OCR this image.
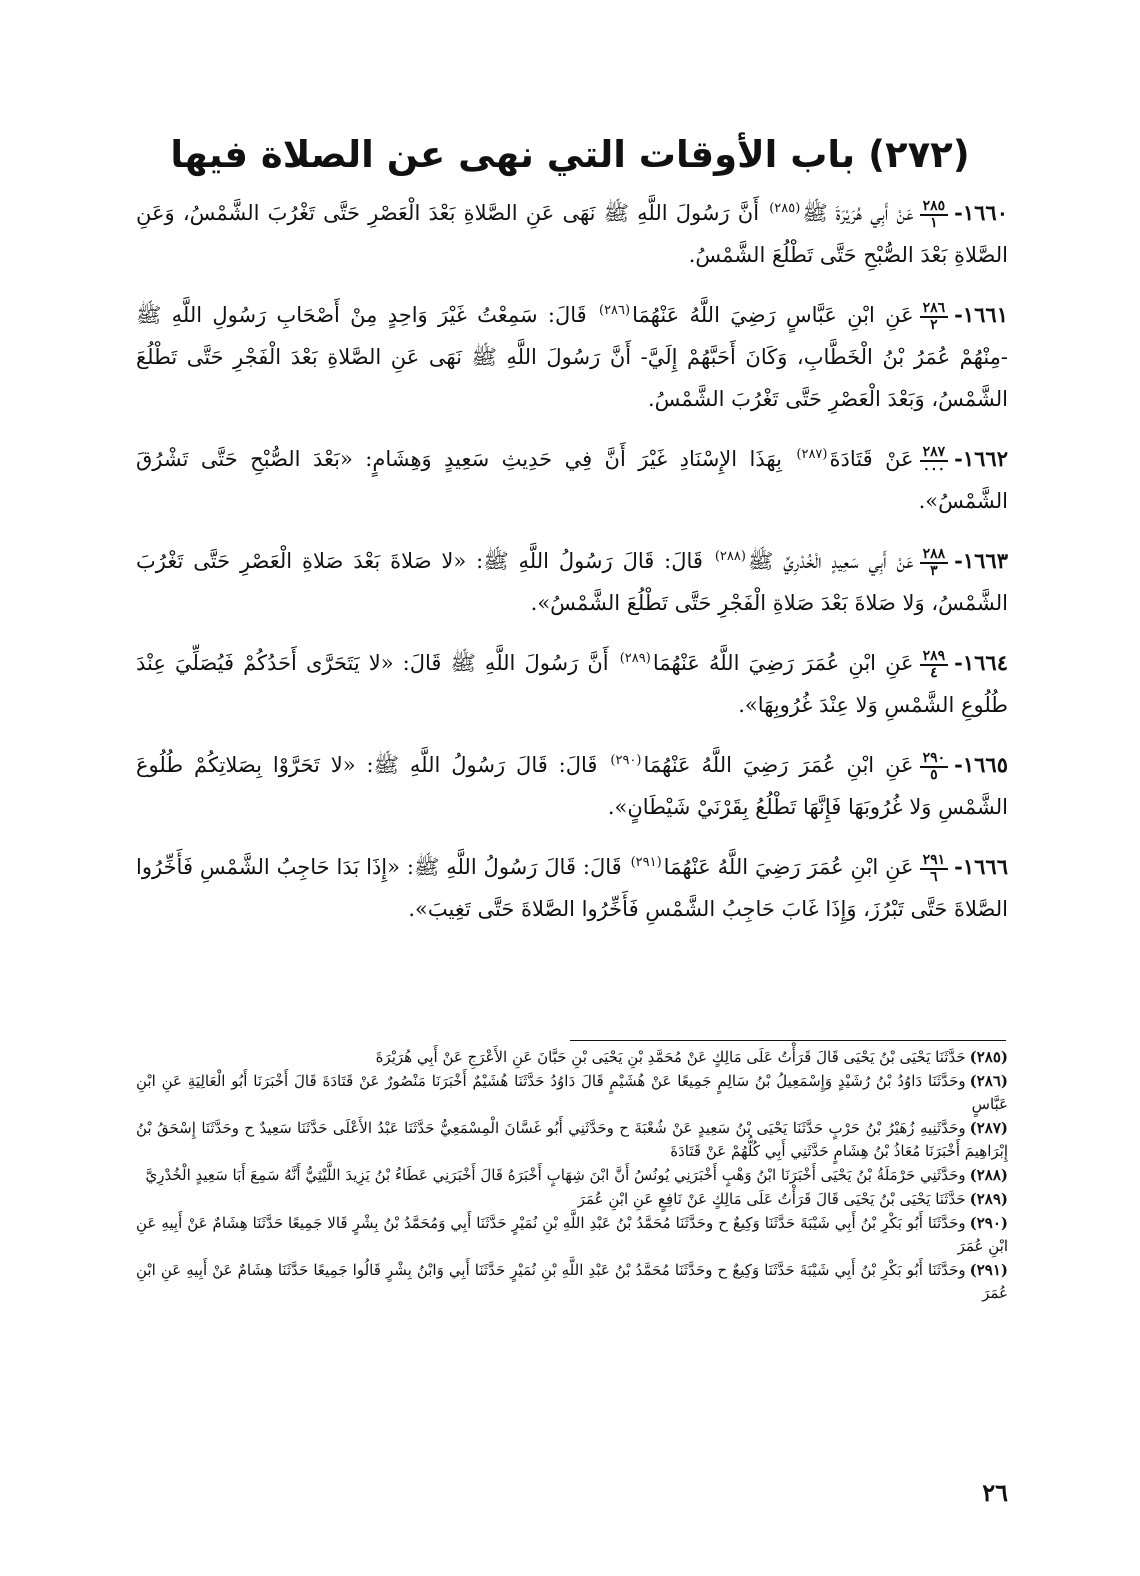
(٢٧٢) باب الأوقات التي نهى عن الصلاة فيها

١٦٦٠-
$\frac{٢٨٥}{١}$
عَنْ أَبِي هُرَيْرَةَ ﷺ$^{(٢٨٥)}$ أَنَّ رَسُولَ اللَّهِ ﷺ نَهَى عَنِ الصَّلاةِ بَعْدَ الْعَصْرِ حَتَّى تَغْرُبَ الشَّمْسُ، وَعَنِ الصَّلاةِ بَعْدَ الصُّبْحِ حَتَّى تَطْلُعَ الشَّمْسُ.

١٦٦١-
$\frac{٢٨٦}{٢}$
عَنِ ابْنِ عَبَّاسٍ رَضِيَ اللَّهُ عَنْهُمَا$^{(٢٨٦)}$ قَالَ: سَمِعْتُ غَيْرَ وَاحِدٍ مِنْ أَصْحَابِ رَسُولِ اللَّهِ ﷺ -مِنْهُمْ عُمَرُ بْنُ الْخَطَّابِ، وَكَانَ أَحَبَّهُمْ إِلَيَّ- أَنَّ رَسُولَ اللَّهِ ﷺ نَهَى عَنِ الصَّلاةِ بَعْدَ الْفَجْرِ حَتَّى تَطْلُعَ الشَّمْسُ، وَبَعْدَ الْعَصْرِ حَتَّى تَغْرُبَ الشَّمْسُ.

١٦٦٢-
$\frac{٢٨٧}{٠٠٠}$
عَنْ قَتَادَةَ$^{(٢٨٧)}$ بِهَذَا الإِسْنَادِ غَيْرَ أَنَّ فِي حَدِيثِ سَعِيدٍ وَهِشَامٍ: «بَعْدَ الصُّبْحِ حَتَّى تَشْرُقَ الشَّمْسُ».

١٦٦٣-
$\frac{٢٨٨}{٣}$
عَنْ أَبِي سَعِيدٍ الْخُدْرِيِّ ﷺ$^{(٢٨٨)}$ قَالَ: قَالَ رَسُولُ اللَّهِ ﷺ: «لا صَلاةَ بَعْدَ صَلاةِ الْعَصْرِ حَتَّى تَغْرُبَ الشَّمْسُ، وَلا صَلاةَ بَعْدَ صَلاةِ الْفَجْرِ حَتَّى تَطْلُعَ الشَّمْسُ».

١٦٦٤-
$\frac{٢٨٩}{٤}$
عَنِ ابْنِ عُمَرَ رَضِيَ اللَّهُ عَنْهُمَا$^{(٢٨٩)}$ أَنَّ رَسُولَ اللَّهِ ﷺ قَالَ: «لا يَتَحَرَّى أَحَدُكُمْ فَيُصَلِّيَ عِنْدَ طُلُوعِ الشَّمْسِ وَلا عِنْدَ غُرُوبِهَا».

١٦٦٥-
$\frac{٢٩٠}{٥}$
عَنِ ابْنِ عُمَرَ رَضِيَ اللَّهُ عَنْهُمَا$^{(٢٩٠)}$ قَالَ: قَالَ رَسُولُ اللَّهِ ﷺ: «لا تَحَرَّوْا بِصَلاتِكُمْ طُلُوعَ الشَّمْسِ وَلا غُرُوبَهَا فَإِنَّهَا تَطْلُعُ بِقَرْنَيْ شَيْطَانٍ».

١٦٦٦-
$\frac{٢٩١}{٦}$
عَنِ ابْنِ عُمَرَ رَضِيَ اللَّهُ عَنْهُمَا$^{(٢٩١)}$ قَالَ: قَالَ رَسُولُ اللَّهِ ﷺ: «إِذَا بَدَا حَاجِبُ الشَّمْسِ فَأَخِّرُوا الصَّلاةَ حَتَّى تَبْرُزَ، وَإِذَا غَابَ حَاجِبُ الشَّمْسِ فَأَخِّرُوا الصَّلاةَ حَتَّى تَغِيبَ».

(٢٨٥)حَدَّثَنَا يَحْيَى بْنُ يَحْيَى قَالَ قَرَأْتُ عَلَى مَالِكٍ عَنْ مُحَمَّدِ بْنِ يَحْيَى بْنِ حَبَّانَ عَنِ الأَعْرَجِ عَنْ أَبِي هُرَيْرَةَ

(٢٨٦)وحَدَّثَنَا دَاوُدُ بْنُ رُشَيْدٍ وَإِسْمَعِيلُ بْنُ سَالِمٍ جَمِيعًا عَنْ هُشَيْمٍ قَالَ دَاوُدُ حَدَّثَنَا هُشَيْمٌ أَخْبَرَنَا مَنْصُورٌ عَنْ قَتَادَةَ قَالَ أَخْبَرَنَا أَبُو الْعَالِيَةِ عَنِ ابْنِ عَبَّاسٍ

(٢٨٧)وحَدَّثَنِيهِ زُهَيْرُ بْنُ حَرْبٍ حَدَّثَنَا يَحْيَى بْنُ سَعِيدٍ عَنْ شُعْبَةَ ح وحَدَّثَنِي أَبُو غَسَّانَ الْمِسْمَعِيُّ حَدَّثَنَا عَبْدُ الأَعْلَى حَدَّثَنَا سَعِيدٌ ح وحَدَّثَنَا إِسْحَقُ بْنُ إِبْرَاهِيمَ أَخْبَرَنَا مُعَاذُ بْنُ هِشَامٍ حَدَّثَنِي أَبِي كُلُّهُمْ عَنْ قَتَادَةَ

(٢٨٨)وحَدَّثَنِي حَرْمَلَةُ بْنُ يَحْيَى أَخْبَرَنَا ابْنُ وَهْبٍ أَخْبَرَنِي يُونُسُ أَنَّ ابْنَ شِهَابٍ أَخْبَرَهُ قَالَ أَخْبَرَنِي عَطَاءُ بْنُ يَزِيدَ اللَّيْثِيُّ أَنَّهُ سَمِعَ أَبَا سَعِيدٍ الْخُدْرِيَّ

(٢٨٩)حَدَّثَنَا يَحْيَى بْنُ يَحْيَى قَالَ قَرَأْتُ عَلَى مَالِكٍ عَنْ نَافِعٍ عَنِ ابْنِ عُمَرَ

(٢٩٠)وحَدَّثَنَا أَبُو بَكْرِ بْنُ أَبِي شَيْبَةَ حَدَّثَنَا وَكِيعٌ ح وحَدَّثَنَا مُحَمَّدُ بْنُ عَبْدِ اللَّهِ بْنِ نُمَيْرٍ حَدَّثَنَا أَبِي وَمُحَمَّدُ بْنُ بِشْرٍ قَالا جَمِيعًا حَدَّثَنَا هِشَامٌ عَنْ أَبِيهِ عَنِ ابْنِ عُمَرَ

(٢٩١)وحَدَّثَنَا أَبُو بَكْرِ بْنُ أَبِي شَيْبَةَ حَدَّثَنَا وَكِيعٌ ح وحَدَّثَنَا مُحَمَّدُ بْنُ عَبْدِ اللَّهِ بْنِ نُمَيْرٍ حَدَّثَنَا أَبِي وَابْنُ بِشْرٍ قَالُوا جَمِيعًا حَدَّثَنَا هِشَامٌ عَنْ أَبِيهِ عَنِ ابْنِ عُمَرَ

٢٦
